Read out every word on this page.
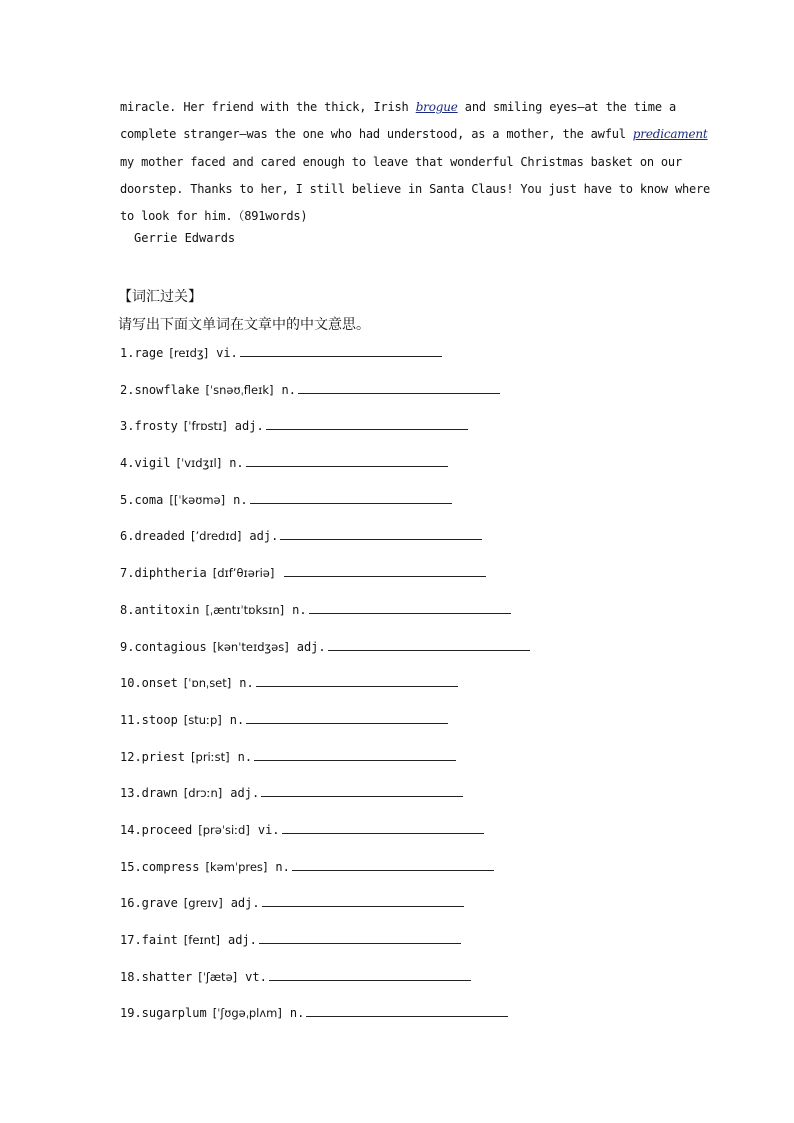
miracle. Her friend with the thick, Irish brogue and smiling eyes—at the time a
complete stranger—was the one who had understood, as a mother, the awful predicament
my mother faced and cared enough to leave that wonderful Christmas basket on our
doorstep. Thanks to her, I still believe in Santa Claus! You just have to know where
to look for him.（891words)
Gerrie Edwards
【词汇过关】
请写出下面文单词在文章中的中文意思。
1.rage [reɪdʒ] vi.
2.snowflake [ˈsnəʊˌfleɪk] n.
3.frosty [ˈfrɒstɪ] adj.
4.vigil [ˈvɪdʒɪl] n.
5.coma [[ˈkəʊmə] n.
6.dreaded [’dredɪd] adj.
7.diphtheria [dɪf’θɪəriə]
8.antitoxin [ˌæntɪˈtɒksɪn] n.
9.contagious [kənˈteɪdʒəs] adj.
10.onset [ˈɒnˌset] n.
11.stoop [stuːp] n.
12.priest [priːst] n.
13.drawn [drɔːn] adj.
14.proceed [prəˈsiːd] vi.
15.compress [kəmˈpres] n.
16.grave [greɪv] adj.
17.faint [feɪnt] adj.
18.shatter [ˈʃætə] vt.
19.sugarplum [ˈʃʊgəˌplʌm] n.
